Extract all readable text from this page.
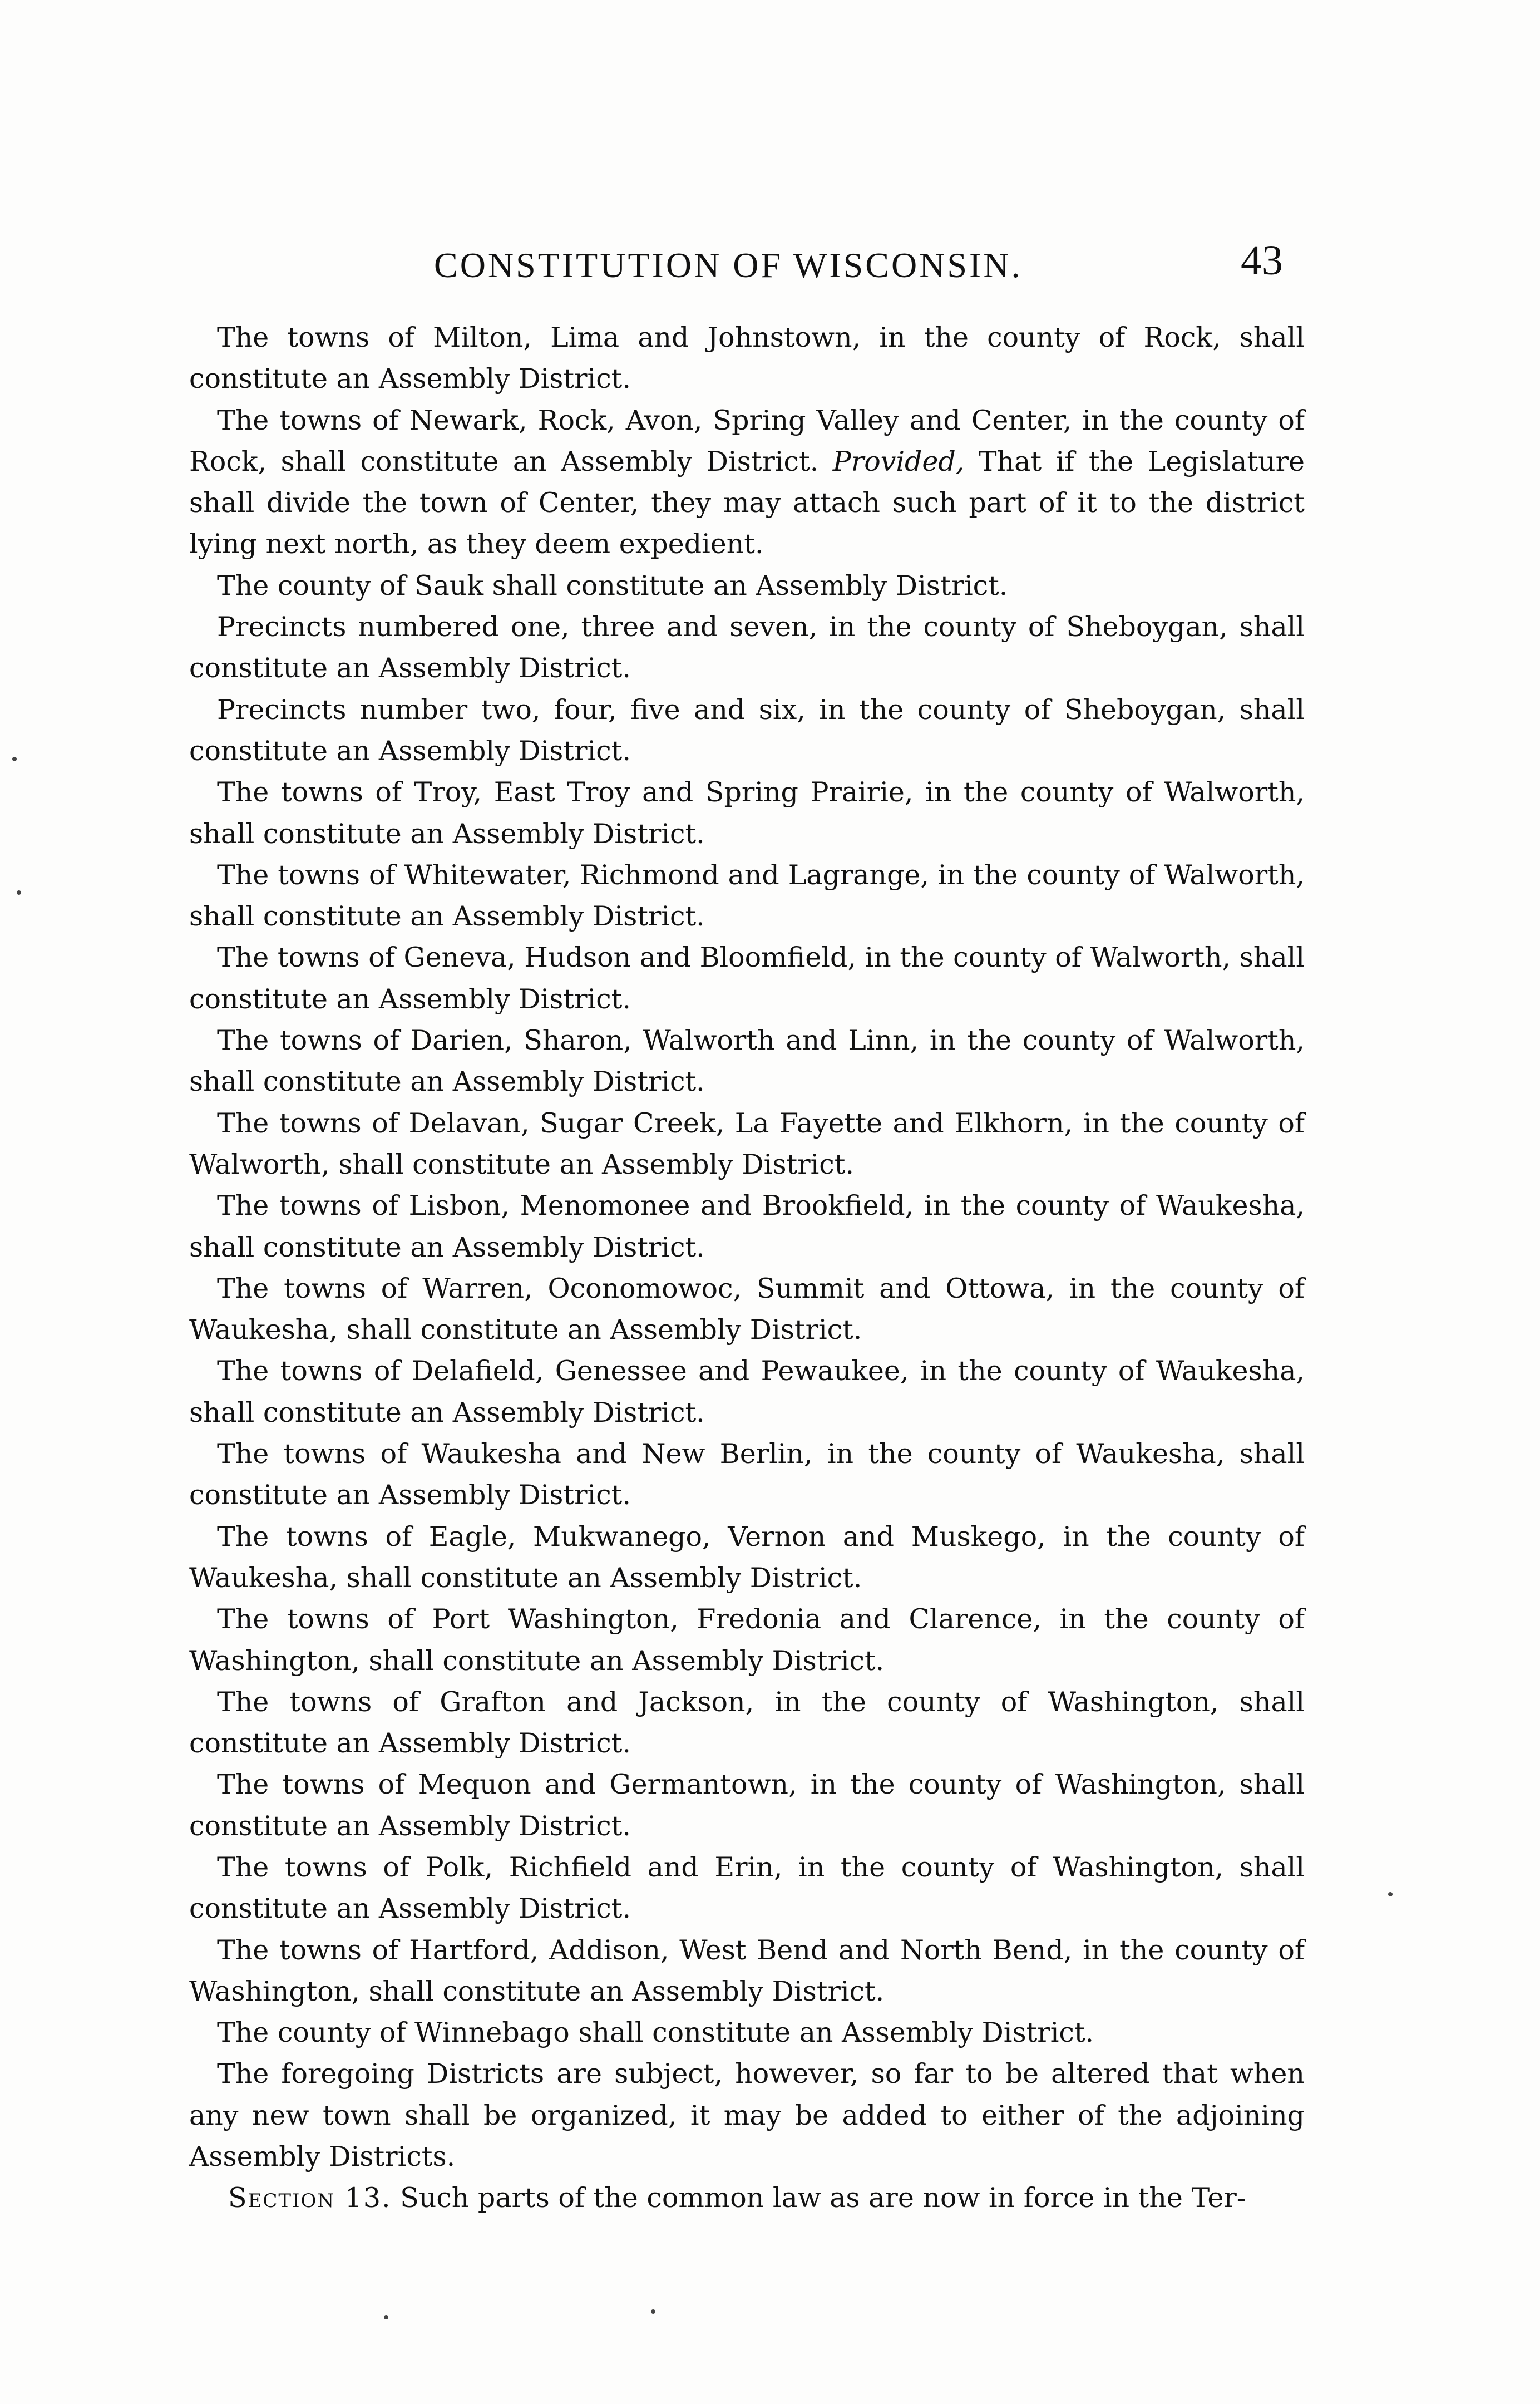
CONSTITUTION OF WISCONSIN.	43

The towns of Milton, Lima and Johnstown, in the county of Rock, shall constitute an Assembly District.

The towns of Newark, Rock, Avon, Spring Valley and Center, in the county of Rock, shall constitute an Assembly District. Provided, That if the Legislature shall divide the town of Center, they may attach such part of it to the district lying next north, as they deem expedient.

The county of Sauk shall constitute an Assembly District.

Precincts numbered one, three and seven, in the county of Sheboygan, shall constitute an Assembly District.

Precincts number two, four, five and six, in the county of Sheboygan, shall constitute an Assembly District.

The towns of Troy, East Troy and Spring Prairie, in the county of Walworth, shall constitute an Assembly District.

The towns of Whitewater, Richmond and Lagrange, in the county of Walworth, shall constitute an Assembly District.

The towns of Geneva, Hudson and Bloomfield, in the county of Walworth, shall constitute an Assembly District.

The towns of Darien, Sharon, Walworth and Linn, in the county of Walworth, shall constitute an Assembly District.

The towns of Delavan, Sugar Creek, La Fayette and Elkhorn, in the county of Walworth, shall constitute an Assembly District.

The towns of Lisbon, Menomonee and Brookfield, in the county of Waukesha, shall constitute an Assembly District.

The towns of Warren, Oconomowoc, Summit and Ottowa, in the county of Waukesha, shall constitute an Assembly District.

The towns of Delafield, Genessee and Pewaukee, in the county of Waukesha, shall constitute an Assembly District.

The towns of Waukesha and New Berlin, in the county of Waukesha, shall constitute an Assembly District.

The towns of Eagle, Mukwanego, Vernon and Muskego, in the county of Waukesha, shall constitute an Assembly District.

The towns of Port Washington, Fredonia and Clarence, in the county of Washington, shall constitute an Assembly District.

The towns of Grafton and Jackson, in the county of Washington, shall constitute an Assembly District.

The towns of Mequon and Germantown, in the county of Washington, shall constitute an Assembly District.

The towns of Polk, Richfield and Erin, in the county of Washington, shall constitute an Assembly District.

The towns of Hartford, Addison, West Bend and North Bend, in the county of Washington, shall constitute an Assembly District.

The county of Winnebago shall constitute an Assembly District.

The foregoing Districts are subject, however, so far to be altered that when any new town shall be organized, it may be added to either of the adjoining Assembly Districts.

Section 13. Such parts of the common law as are now in force in the Ter-
